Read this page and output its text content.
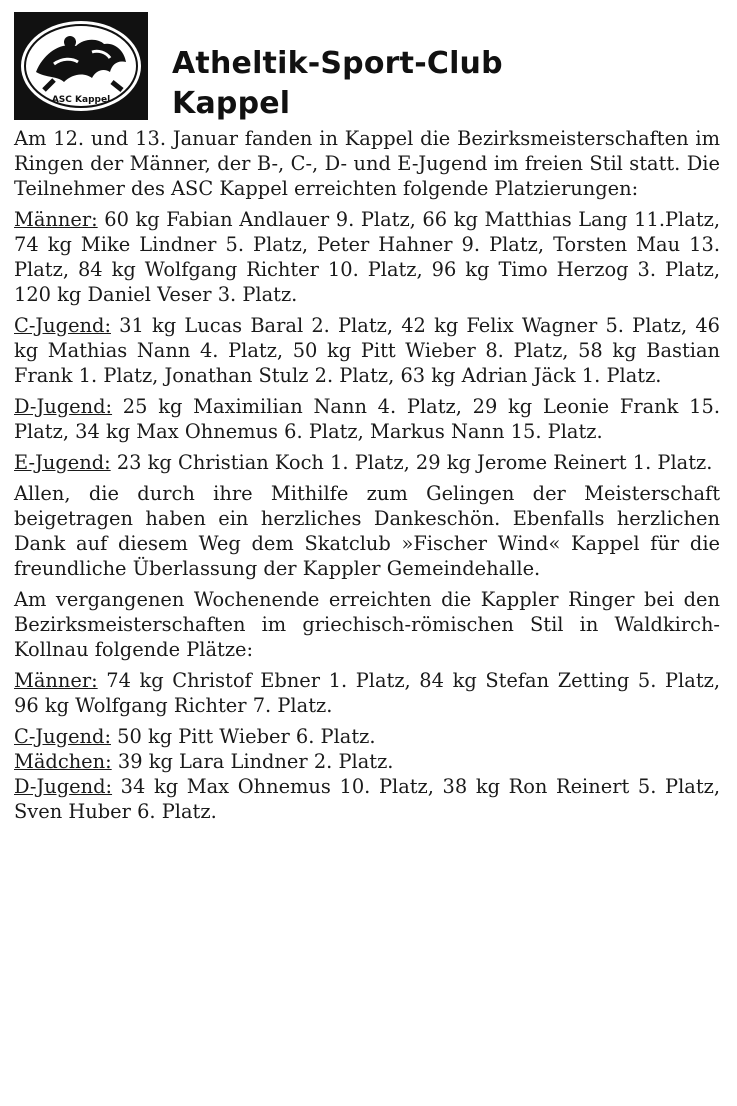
ASC Kappel
Atheltik-Sport-Club
Kappel

Am 12. und 13. Januar fanden in Kappel die Bezirksmeisterschaften im Ringen der Männer, der B-, C-, D- und E-Jugend im freien Stil statt. Die Teilnehmer des ASC Kappel erreichten folgende Platzierungen:

Männer: 60 kg Fabian Andlauer 9. Platz, 66 kg Matthias Lang 11.Platz, 74 kg Mike Lindner 5. Platz, Peter Hahner 9. Platz, Torsten Mau 13. Platz, 84 kg Wolfgang Richter 10. Platz, 96 kg Timo Herzog 3. Platz, 120 kg Daniel Veser 3. Platz.

C-Jugend: 31 kg Lucas Baral 2. Platz, 42 kg Felix Wagner 5. Platz, 46 kg Mathias Nann 4. Platz, 50 kg Pitt Wieber 8. Platz, 58 kg Bastian Frank 1. Platz, Jonathan Stulz 2. Platz, 63 kg Adrian Jäck 1. Platz.

D-Jugend: 25 kg Maximilian Nann 4. Platz, 29 kg Leonie Frank 15. Platz, 34 kg Max Ohnemus 6. Platz, Markus Nann 15. Platz.

E-Jugend: 23 kg Christian Koch 1. Platz, 29 kg Jerome Reinert 1. Platz.

Allen, die durch ihre Mithilfe zum Gelingen der Meisterschaft beigetragen haben ein herzliches Dankeschön. Ebenfalls herzlichen Dank auf diesem Weg dem Skatclub »Fischer Wind« Kappel für die freundliche Überlassung der Kappler Gemeindehalle.

Am vergangenen Wochenende erreichten die Kappler Ringer bei den Bezirksmeisterschaften im griechisch-römischen Stil in Waldkirch-Kollnau folgende Plätze:

Männer: 74 kg Christof Ebner 1. Platz, 84 kg Stefan Zetting 5. Platz, 96 kg Wolfgang Richter 7. Platz.

C-Jugend: 50 kg Pitt Wieber 6. Platz.

Mädchen: 39 kg Lara Lindner 2. Platz.

D-Jugend: 34 kg Max Ohnemus 10. Platz, 38 kg Ron Reinert 5. Platz, Sven Huber 6. Platz.
